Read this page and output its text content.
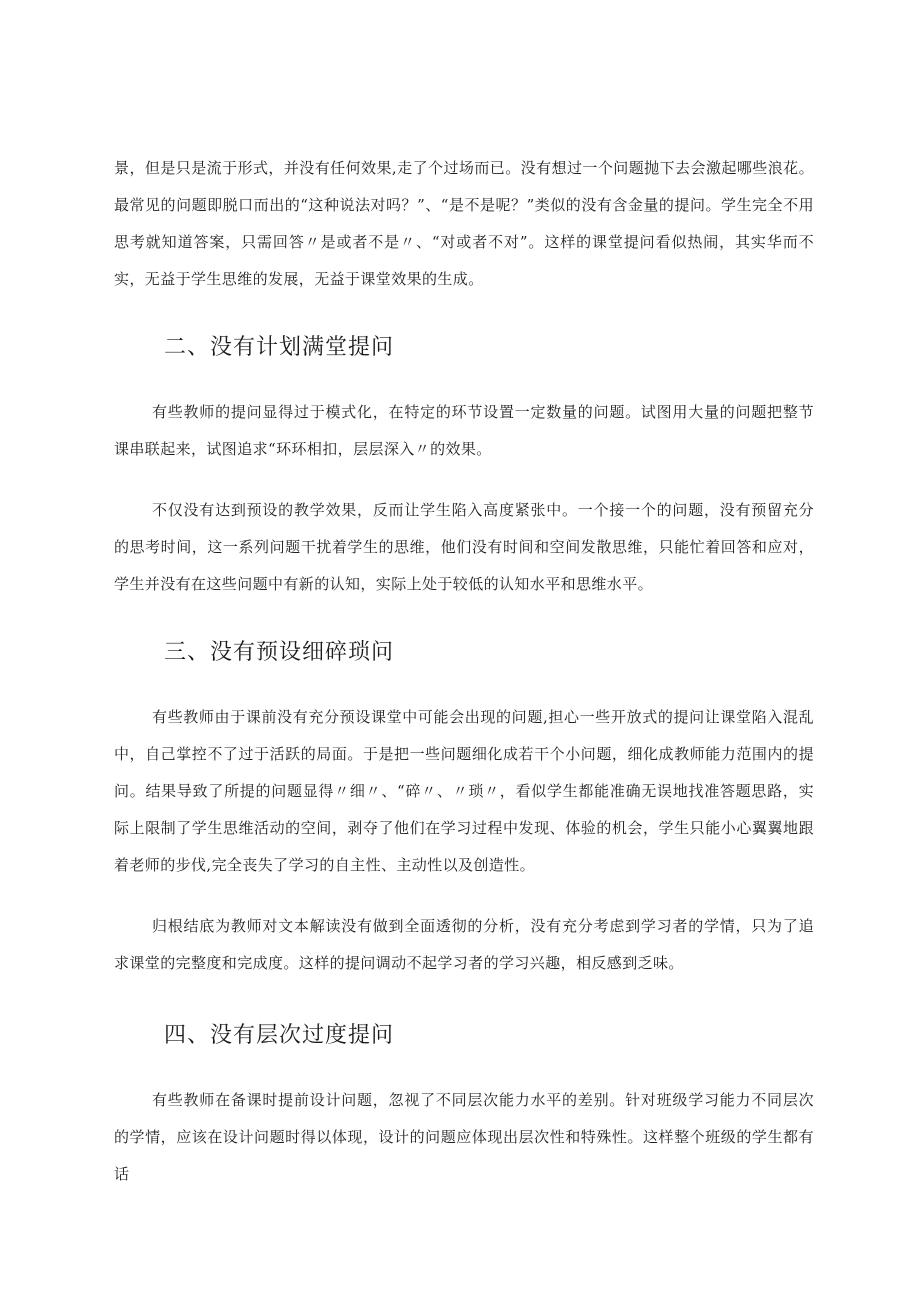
景，但是只是流于形式，并没有任何效果,走了个过场而已。没有想过一个问题抛下去会激起哪些浪花。最常见的问题即脱口而出的“这种说法对吗？”、“是不是呢？”类似的没有含金量的提问。学生完全不用思考就知道答案，只需回答〃是或者不是〃、“对或者不对”。这样的课堂提问看似热闹，其实华而不实，无益于学生思维的发展，无益于课堂效果的生成。

二、没有计划满堂提问

有些教师的提问显得过于模式化，在特定的环节设置一定数量的问题。试图用大量的问题把整节课串联起来，试图追求“环环相扣，层层深入〃的效果。

不仅没有达到预设的教学效果，反而让学生陷入高度紧张中。一个接一个的问题，没有预留充分的思考时间，这一系列问题干扰着学生的思维，他们没有时间和空间发散思维，只能忙着回答和应对，学生并没有在这些问题中有新的认知，实际上处于较低的认知水平和思维水平。

三、没有预设细碎琐问

有些教师由于课前没有充分预设课堂中可能会出现的问题,担心一些开放式的提问让课堂陷入混乱中，自己掌控不了过于活跃的局面。于是把一些问题细化成若干个小问题，细化成教师能力范围内的提问。结果导致了所提的问题显得〃细〃、“碎〃、〃琐〃，看似学生都能准确无误地找准答题思路，实际上限制了学生思维活动的空间，剥夺了他们在学习过程中发现、体验的机会，学生只能小心翼翼地跟着老师的步伐,完全丧失了学习的自主性、主动性以及创造性。

归根结底为教师对文本解读没有做到全面透彻的分析，没有充分考虑到学习者的学情，只为了追求课堂的完整度和完成度。这样的提问调动不起学习者的学习兴趣，相反感到乏味。

四、没有层次过度提问

有些教师在备课时提前设计问题，忽视了不同层次能力水平的差别。针对班级学习能力不同层次的学情，应该在设计问题时得以体现，设计的问题应体现出层次性和特殊性。这样整个班级的学生都有话
